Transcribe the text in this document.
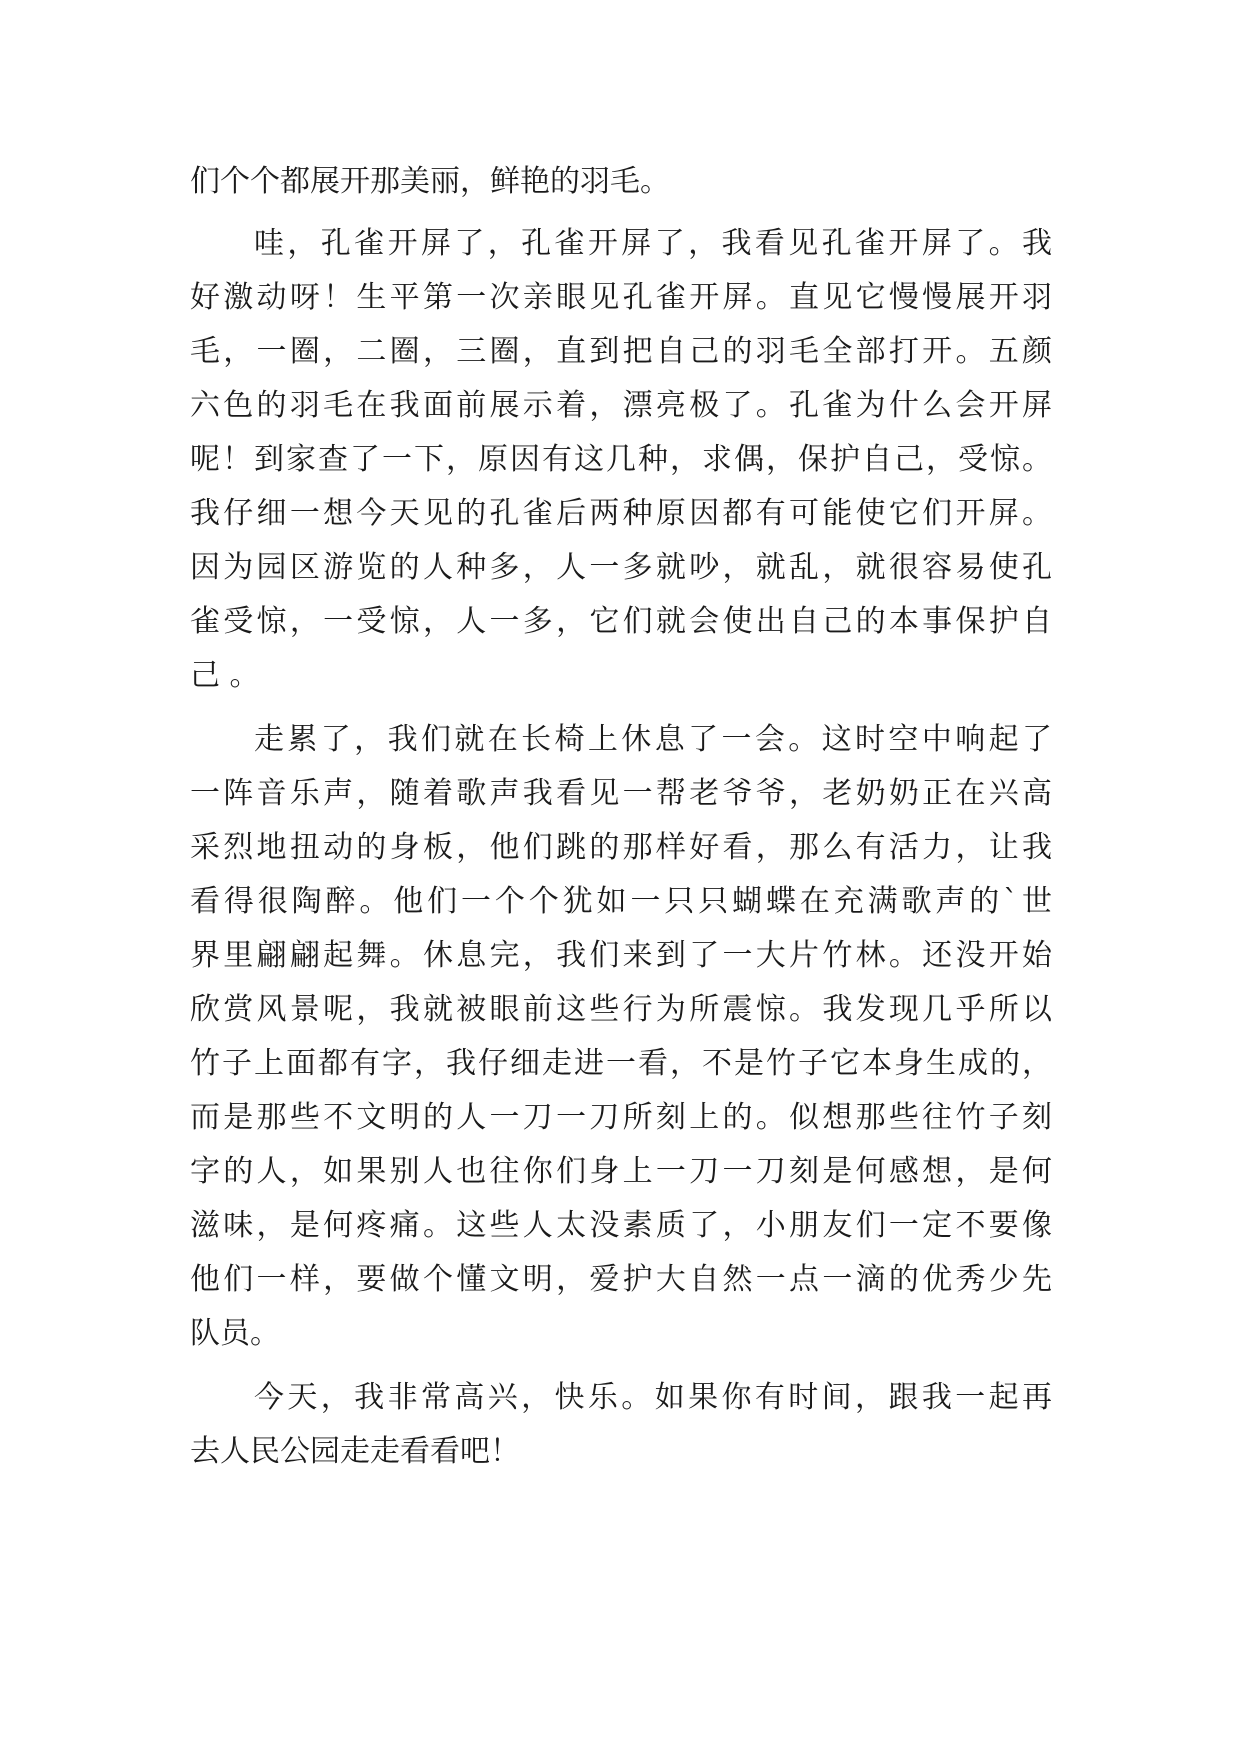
们个个都展开那美丽，鲜艳的羽毛。
哇，孔雀开屏了，孔雀开屏了，我看见孔雀开屏了。我
好激动呀！生平第一次亲眼见孔雀开屏。直见它慢慢展开羽
毛，一圈，二圈，三圈，直到把自己的羽毛全部打开。五颜
六色的羽毛在我面前展示着，漂亮极了。孔雀为什么会开屏
呢！到家查了一下，原因有这几种，求偶，保护自己，受惊。
我仔细一想今天见的孔雀后两种原因都有可能使它们开屏。
因为园区游览的人种多，人一多就吵，就乱，就很容易使孔
雀受惊，一受惊，人一多，它们就会使出自己的本事保护自
己 。
走累了，我们就在长椅上休息了一会。这时空中响起了
一阵音乐声，随着歌声我看见一帮老爷爷，老奶奶正在兴高
采烈地扭动的身板，他们跳的那样好看，那么有活力，让我
看得很陶醉。他们一个个犹如一只只蝴蝶在充满歌声的`世
界里翩翩起舞。休息完，我们来到了一大片竹林。还没开始
欣赏风景呢，我就被眼前这些行为所震惊。我发现几乎所以
竹子上面都有字，我仔细走进一看，不是竹子它本身生成的，
而是那些不文明的人一刀一刀所刻上的。似想那些往竹子刻
字的人，如果别人也往你们身上一刀一刀刻是何感想，是何
滋味，是何疼痛。这些人太没素质了，小朋友们一定不要像
他们一样，要做个懂文明，爱护大自然一点一滴的优秀少先
队员。
今天，我非常高兴，快乐。如果你有时间，跟我一起再
去人民公园走走看看吧！
